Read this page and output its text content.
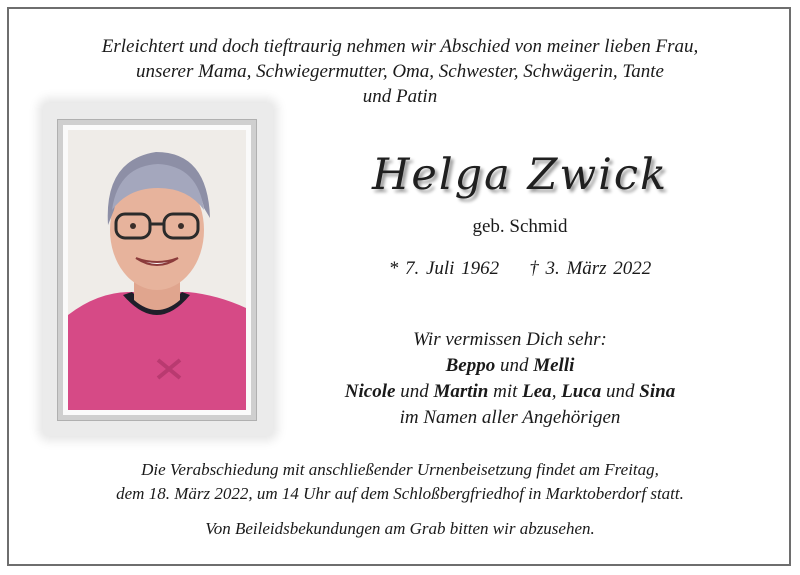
Erleichtert und doch tieftraurig nehmen wir Abschied von meiner lieben Frau,
unserer Mama, Schwiegermutter, Oma, Schwester, Schwägerin, Tante
und Patin
Helga Zwick
geb. Schmid
* 7. Juli 1962 † 3. März 2022
Wir vermissen Dich sehr:
Beppo und Melli
Nicole und Martin mit Lea, Luca und Sina
im Namen aller Angehörigen
Die Verabschiedung mit anschließender Urnenbeisetzung findet am Freitag,
dem 18. März 2022, um 14 Uhr auf dem Schloßbergfriedhof in Marktoberdorf statt.
Von Beileidsbekundungen am Grab bitten wir abzusehen.
